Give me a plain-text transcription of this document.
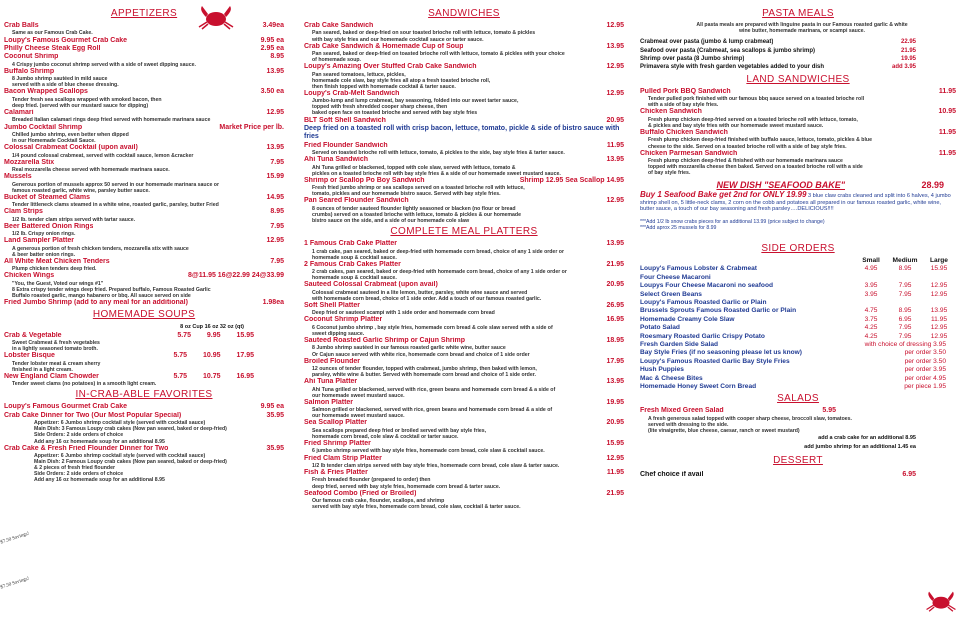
APPETIZERS
Crab Balls	3.49ea
Same as our Famous Crab Cake.
Loupy's Famous Gourmet Crab Cake	9.95 ea
Philly Cheese Steak Egg Roll	2.95 ea
Coconut Shrimp	8.95
4 Crispy jumbo coconut shrimp served with a side of sweet dipping sauce.
Buffalo Shrimp	13.95
8 Jumbo shrimp sautéed in mild sauce
served with a side of blue cheese dressing.
Bacon Wrapped Scallops	3.50 ea
Tender fresh sea scallops wrapped with smoked bacon, then
deep fried. (served with our mustard sauce for dipping)
Calamari	12.95
Breaded Italian calamari rings deep fried served with homemade marinara sauce
Jumbo Cocktail Shrimp	Market Price per lb.
Chilled jumbo shrimp, even better when dipped
in our Homemade Cocktail Sauce.
Colossal Crabmeat Cocktail (upon avail)	13.95
1/4 pound colossal crabmeat, served with cocktail sauce, lemon &cracker
Mozzarella Stix	7.95
Real mozzarella cheese served with homemade marinara sauce.
Mussels	15.99
Generous portion of mussels approx 50 served in our homemade marinara sauce or
famous roasted garlic, white wine, parsley butter sauce.
Bucket of Steamed Clams	14.95
Tender littleneck clams steamed in a white wine, roasted garlic, parsley, butter Fried
Clam Strips	8.95
1/2 lb. tender clam strips served with tartar sauce.
Beer Battered Onion Rings	7.95
1/2 lb. Crispy onion rings.
Land Sampler Platter	12.95
A generous portion of fresh chicken tenders, mozzarella stix with sauce
& beer batter onion rings.
All White Meat Chicken Tenders	7.95
Plump chicken tenders deep fried.
Chicken Wings	8@11.95 16@22.99 24@33.99
"You, the Guest, Voted our wings #1"
8 Extra crispy tender wings deep fried. Prepared buffalo, Famous Roasted Garlic
Buffalo roasted garlic, mango habanero or bbq. All sauce served on side
Fried Jumbo Shrimp (add to any meal for an additional)	1.98ea
HOMEMADE SOUPS
8 oz Cup 16 oz 32 oz (qt)
Crab & Vegetable	5.75 9.95 15.95
Sweet Crabmeat & fresh vegetables
in a lightly seasoned tomato broth.
Lobster Bisque	5.75 10.95 17.95
Tender lobster meat & cream sherry
finished in a light cream.
New England Clam Chowder	5.75 10.75 16.95
Tender sweet clams (no potatoes) in a smooth light cream.
IN-CRAB-ABLE FAVORITES
Loupy's Famous Gourmet Crab Cake	9.95 ea
Crab Cake Dinner for Two (Our Most Popular Special)	35.95
Appetizer: 6 Jumbo shrimp cocktail style (served with cocktail sauce)
Main Dish: 3 Famous Loupy crab cakes (Now pan seared, baked or deep-fried)
Side Orders: 2 side orders of choice
Add any 16 oz homemade soup for an additional 8.95
Crab Cake & Fresh Fried Flounder Dinner for Two	35.95
Appetizer: 6 Jumbo shrimp cocktail style (served with cocktail sauce)
Main Dish: 2 Famous Loupy crab cakes (Now pan seared, baked or deep-fried)
& 2 pieces of fresh fried flounder
Side Orders: 2 side orders of choice
Add any 16 oz homemade soup for an additional 8.95
$7.50 Savings!
$7.50 Savings!
SANDWICHES
Crab Cake Sandwich	12.95
Pan seared, baked or deep-fried on sour toasted brioche roll with lettuce, tomato & pickles
with bay style fries and our homemade cocktail sauce or tarter sauce.
Crab Cake Sandwich & Homemade Cup of Soup	13.95
Pan seared, baked or deep-fried on toasted brioche roll with lettuce, tomato & pickles with your choice
of homemade soup.
Loupy's Amazing Over Stuffed Crab Cake Sandwich	12.95
Pan seared tomatoes, lettuce, pickles,
homemade cole slaw, bay style fries all atop a fresh toasted brioche roll,
then finish topped with homemade cocktail & tarter sauce.
Loupy's Crab-Melt Sandwich	12.95
Jumbo-lump and lump crabmeat, bay seasoning, folded into our sweet tarter sauce,
topped with fresh shredded cooper sharp cheese, then
baked open face on toasted brioche and served with bay style fries
BLT Soft Shell Sandwich	20.95
Deep fried on a toasted roll with crisp bacon, lettuce, tomato, pickle & side of bistro sauce with fries
Fried Flounder Sandwich	11.95
Served on toasted brioche roll with lettuce, tomato, & pickles to the side, bay style fries & tarter sauce.
Ahi Tuna Sandwich	13.95
Ahi Tuna grilled or blackened, topped with cole slaw, served with lettuce, tomato &
pickles on a toasted brioche roll with bay style fries & a side of our homemade sweet mustard sauce.
Shrimp or Scallop Po Boy Sandwich	Shrimp 12.95 Sea Scallop 14.95
Fresh fried jumbo shrimp or sea scallops served on a toasted brioche roll with lettuce,
tomato, pickles and our homemade bistro sauce. Served with bay style fries.
Pan Seared Flounder Sandwich	12.95
8 ounces of tender sauteed flounder lightly seasoned or blacken (no flour or bread
crumbs) served on a toasted brioche with lettuce, tomato & pickles & our homemade
bistro sauce on the side, and a side of our homemade cole slaw
COMPLETE MEAL PLATTERS
1 Famous Crab Cake Platter	13.95
1 crab cake, pan seared, baked or deep-fried with homemade corn bread, choice of any 1 side order or
homemade soup & cocktail sauce.
2 Famous Crab Cakes Platter	21.95
2 crab cakes, pan seared, baked or deep-fried with homemade corn bread, choice of any 1 side order or
homemade soup & cocktail sauce.
Sauteed Colossal Crabmeat (upon avail)	20.95
Colossal crabmeat sauteed in a lite lemon, butter, parsley, white wine sauce and served
with homemade corn bread, choice of 1 side order. Add a touch of our famous roasted garlic.
Soft Shell Platter	26.95
Deep fried or sauteed scampi with 1 side order and homemade corn bread
Coconut Shrimp Platter	16.95
6 Coconut jumbo shrimp , bay style fries, homemade corn bread & cole slaw served with a side of
sweet dipping sauce.
Sauteed Roasted Garlic Shrimp or Cajun Shrimp	18.95
8 Jumbo shrimp sautéed in our famous roasted garlic white wine, butter sauce
Or Cajun sauce served with white rice, homemade corn bread and choice of 1 side order
Broiled Flounder	17.95
12 ounces of tender flounder, topped with crabmeat, jumbo shrimp, then baked with lemon,
parsley, white wine & butter. Served with homemade corn bread and choice of 1 side order.
Ahi Tuna Platter	13.95
Ahi Tuna grilled or blackened, served with rice, green beans and homemade corn bread & a side of
our homemade sweet mustard sauce.
Salmon Platter	19.95
Salmon grilled or blackened, served with rice, green beans and homemade corn bread & a side of
our homemade sweet mustard sauce.
Sea Scallop Platter	20.95
Sea scallops prepared deep fried or broiled served with bay style fries,
homemade corn bread, cole slaw & cocktail or tarter sauce.
Fried Shrimp Platter	15.95
6 jumbo shrimp served with bay style fries, homemade corn bread, cole slaw & cocktail sauce.
Fried Clam Strip Platter	12.95
1/2 lb tender clam strips served with bay style fries, homemade corn bread, cole slaw & tarter sauce.
Fish & Fries Platter	11.95
Fresh breaded flounder (prepared to order) then
deep fried, served with bay style fries, homemade corn bread & tarter sauce.
Seafood Combo (Fried or Broiled)	21.95
Our famous crab cake, flounder, scallops, and shrimp
served with bay style fries, homemade corn bread, cole slaw, cocktail & tarter sauce.
PASTA MEALS
All pasta meals are prepared with linguine pasta in our Famous roasted garlic & white
wine butter, homemade marinara, or scampi sauce.
Crabmeat over pasta (jumbo & lump crabmeat)	22.95
Seafood over pasta (Crabmeat, sea scallops & jumbo shrimp)	21.95
Shrimp over pasta (8 Jumbo shrimp)	19.95
Primavera style with fresh garden vegetables added to your dish	add 3.95
LAND SANDWICHES
Pulled Pork BBQ Sandwich	11.95
Tender pulled pork finished with our famous bbq sauce served on a toasted brioche roll
with a side of bay style fries.
Chicken Sandwich	10.95
Fresh plump chicken deep-fried served on a toasted brioche roll with lettuce, tomato,
& pickles and bay style fries with our homemade sweet mustard sauce.
Buffalo Chicken Sandwich	11.95
Fresh plump chicken deep-fried finished with buffalo sauce, lettuce, tomato, pickles & blue
cheese to the side. Served on a toasted brioche roll with a side of bay style fries.
Chicken Parmesan Sandwich	11.95
Fresh plump chicken deep-fried & finished with our homemade marinara sauce
topped with mozzarella cheese then baked. Served on a toasted brioche roll with a side
of bay style fries.
NEW DISH "SEAFOOD BAKE"	28.99
Buy 1 Seafood Bake get 2nd for ONLY 19.99 3 blue claw crabs cleaned and split into 6 halves, 4 jumbo shrimp shell on, 5 little-neck clams, 2 corn on the cobb and potatoes all prepared in our famous roasted garlic, white wine, butter sauce, a touch of our bay seasoning and fresh parsley….DELICIOUS!!!!
***Add 1/2 lb snow crabs pieces for an additional 13.99 (price subject to change)
***Add aprox 25 mussels for 8.99
SIDE ORDERS
	Small	Medium	Large
Loupy's Famous Lobster & Crabmeat	4.95	8.95	15.95
Four Cheese Macaroni			
Loupys Four Cheese Macaroni no seafood	3.95	7.95	12.95
Select Green Beans	3.95	7.95	12.95
Loupy's Famous Roasted Garlic or Plain			
Brussels Sprouts Famous Roasted Garlic or Plain	4.75	8.95	13.95
Homemade Creamy Cole Slaw	3.75	6.95	11.95
Potato Salad	4.25	7.95	12.95
Roesmary Roasted Garlic Crispy Potato	4.25	7.95	12.95
Fresh Garden Side Salad	with choice of dressing 3.95		
Bay Style Fries (if no seasoning please let us know)	per order 3.50		
Loupy's Famous Roasted Garlic Bay Style Fries	per order 3.50		
Hush Puppies	per order 3.95		
Mac & Cheese Bites	per order 4.95		
Homemade Honey Sweet Corn Bread	per piece 1.95		
SALADS
Fresh Mixed Green Salad	5.95
A fresh generous salad topped with cooper sharp cheese, broccoli slaw, tomatoes.
served with dressing to the side.
(lite vinaigrette, blue cheese, caesar, ranch or sweet mustard)
add a crab cake for an additional 8.95
add jumbo shrimp for an additional 1.45 ea
DESSERT
Chef choice if avail	6.95
